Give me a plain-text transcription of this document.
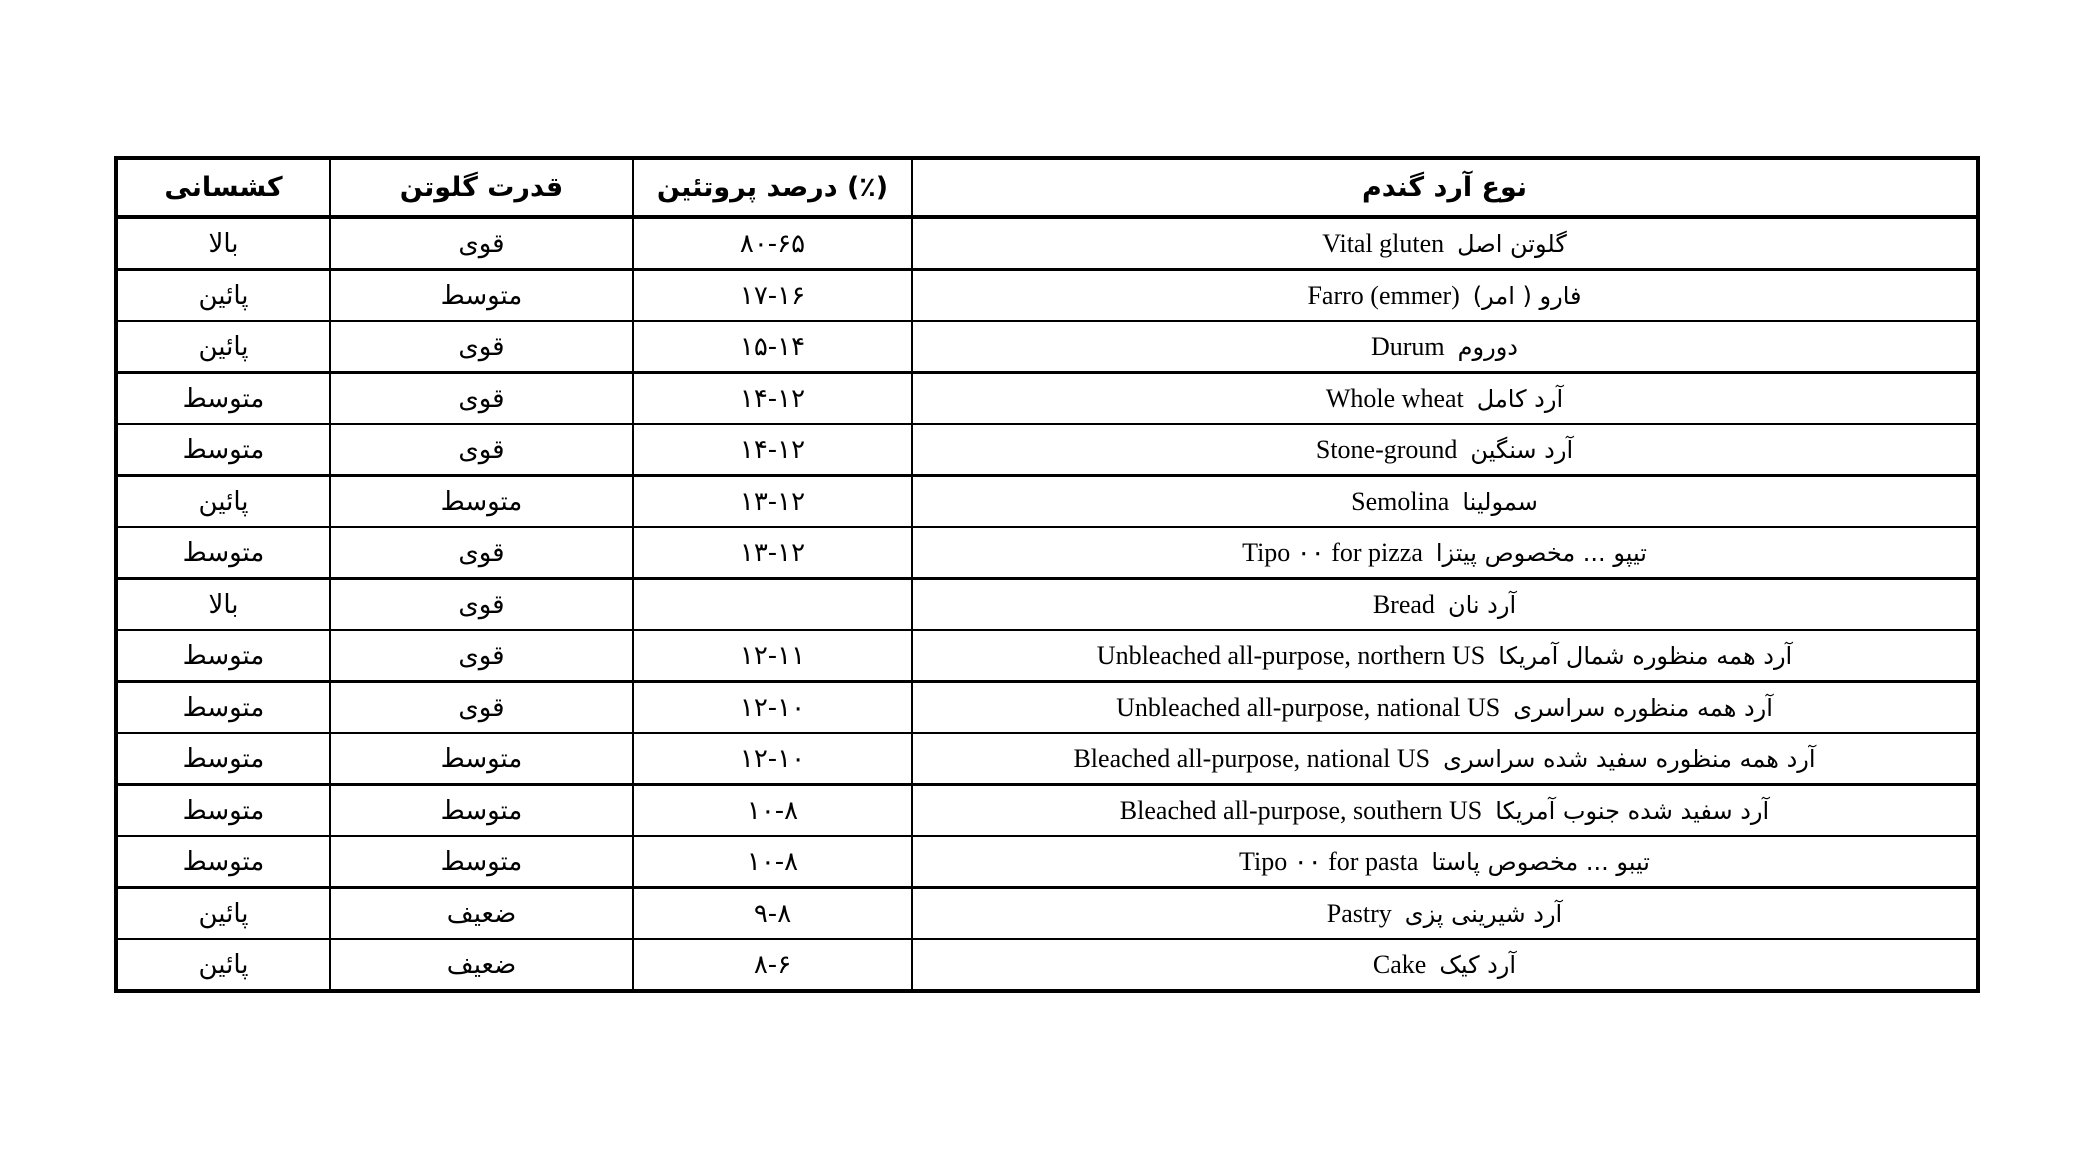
کشسانی	قدرت گلوتن	(٪) درصد پروتئین	نوع آرد گندم
بالا	قوی	۸۰-۶۵	Vital gluten گلوتن اصل
پائین	متوسط	۱۷-۱۶	Farro (emmer) فارو ( امر)
پائین	قوی	۱۵-۱۴	Durum دوروم
متوسط	قوی	۱۴-۱۲	Whole wheat آرد کامل
متوسط	قوی	۱۴-۱۲	Stone-ground آرد سنگین
پائین	متوسط	۱۳-۱۲	Semolina سمولینا
متوسط	قوی	۱۳-۱۲	Tipo ۰۰ for pizza تیپو ... مخصوص پیتزا
بالا	قوی		Bread آرد نان
متوسط	قوی	۱۲-۱۱	Unbleached all-purpose, northern US آرد همه منظوره شمال آمریکا
متوسط	قوی	۱۲-۱۰	Unbleached all-purpose, national US آرد همه منظوره سراسری
متوسط	متوسط	۱۲-۱۰	Bleached all-purpose, national US آرد همه منظوره سفید شده سراسری
متوسط	متوسط	۱۰-۸	Bleached all-purpose, southern US آرد سفید شده جنوب آمریکا
متوسط	متوسط	۱۰-۸	Tipo ۰۰ for pasta تیبو ... مخصوص پاستا
پائین	ضعیف	۹-۸	Pastry آرد شیرینی پزی
پائین	ضعیف	۸-۶	Cake آرد کیک
